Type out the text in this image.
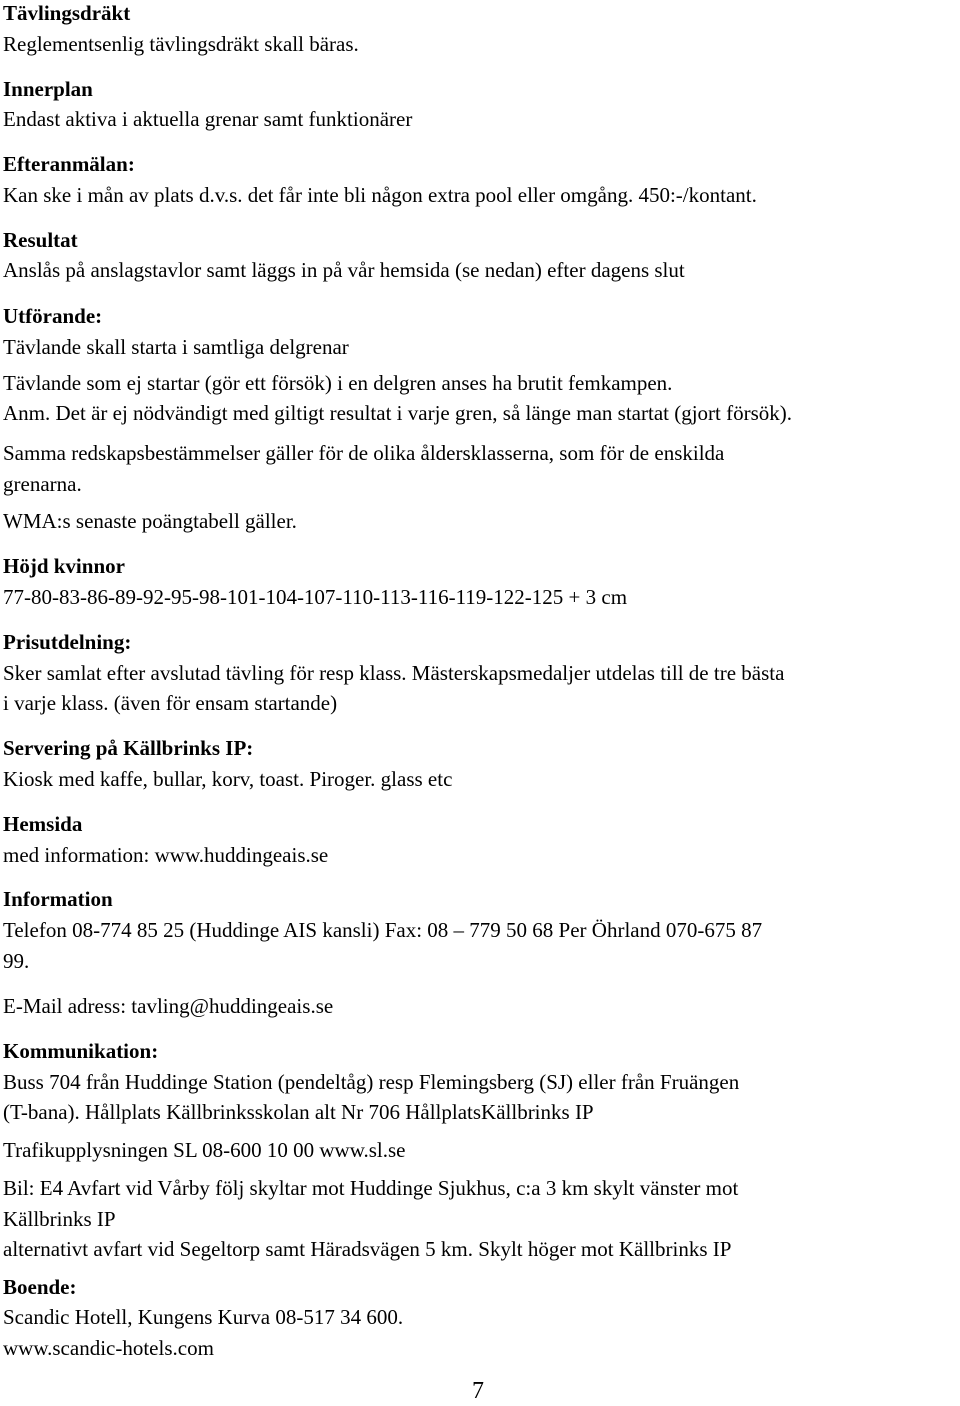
Tävlingsdräkt
Reglementsenlig tävlingsdräkt skall bäras.
Innerplan
Endast aktiva i aktuella grenar samt funktionärer
Efteranmälan:
Kan ske i mån av plats d.v.s. det får inte bli någon extra pool eller omgång. 450:-/kontant.
Resultat
Anslås på anslagstavlor samt läggs in på vår hemsida (se nedan) efter dagens slut
Utförande:
Tävlande skall starta i samtliga delgrenar
Tävlande som ej startar (gör ett försök) i en delgren anses ha brutit femkampen.
Anm. Det är ej nödvändigt med giltigt resultat i varje gren, så länge man startat (gjort försök).
Samma redskapsbestämmelser gäller för de olika åldersklasserna, som för de enskilda
grenarna.
WMA:s senaste poängtabell gäller.
Höjd kvinnor
77-80-83-86-89-92-95-98-101-104-107-110-113-116-119-122-125 + 3 cm
Prisutdelning:
Sker samlat efter avslutad tävling för resp klass. Mästerskapsmedaljer utdelas till de tre bästa
i varje klass. (även för ensam startande)
Servering på Källbrinks IP:
Kiosk med kaffe, bullar, korv, toast. Piroger. glass etc
Hemsida
med information: www.huddingeais.se
Information
Telefon 08-774 85 25 (Huddinge AIS kansli) Fax: 08 – 779 50 68 Per Öhrland 070-675 87
99.
E-Mail adress: tavling@huddingeais.se
Kommunikation:
Buss 704 från Huddinge Station (pendeltåg) resp Flemingsberg (SJ) eller från Fruängen
(T-bana). Hållplats Källbrinksskolan alt Nr 706 HållplatsKällbrinks IP
Trafikupplysningen SL 08-600 10 00 www.sl.se
Bil: E4 Avfart vid Vårby följ skyltar mot Huddinge Sjukhus, c:a 3 km skylt vänster mot
Källbrinks IP
alternativt avfart vid Segeltorp samt Häradsvägen 5 km. Skylt höger mot Källbrinks IP
Boende:
Scandic Hotell, Kungens Kurva 08-517 34 600.
www.scandic-hotels.com
7
